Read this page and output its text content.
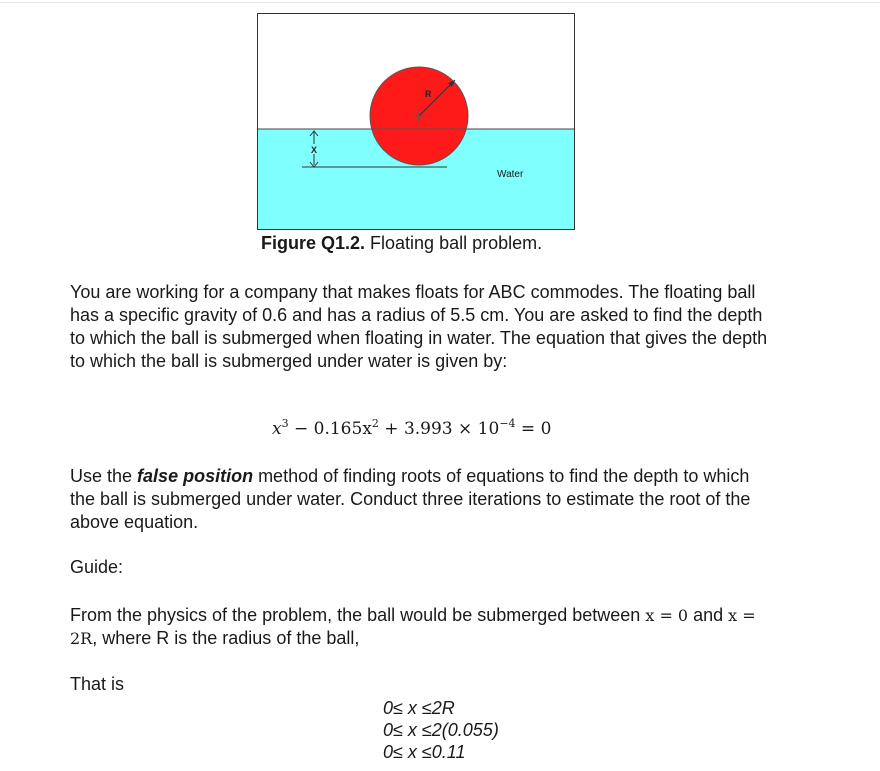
R
X
Water
Figure Q1.2. Floating ball problem.

You are working for a company that makes floats for ABC commodes. The floating ball has a specific gravity of 0.6 and has a radius of 5.5 cm. You are asked to find the depth to which the ball is submerged when floating in water. The equation that gives the depth to which the ball is submerged under water is given by:

$x^3 - 0.165x^2 + 3.993 \times 10^{-4} = 0$

Use the false position method of finding roots of equations to find the depth to which the ball is submerged under water. Conduct three iterations to estimate the root of the above equation.

Guide:

From the physics of the problem, the ball would be submerged between x = 0 and x = 2R, where R is the radius of the ball,

That is
0≤ x ≤2R
0≤ x ≤2(0.055)
0≤ x ≤0.11
